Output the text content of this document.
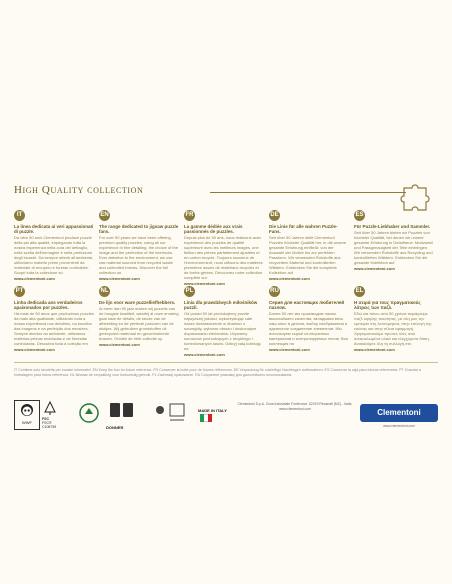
High Quality collection
IT
La linea dedicata ai veri appassionati di puzzle.
Da oltre 50 anni Clementoni produce puzzle della più alta qualità, impiegando tutta la nostra esperienza nella cura del dettaglio, nella scelta dell'immagine e nella perfezione degli incastri. Da sempre attenti all'ambiente, utilizziamo materie prime provenienti da materiale di recupero e foreste controllate. Scopri tutta la collezione su
www.clementoni.com
EN
The range dedicated to jigsaw puzzle fans.
For over 50 years we have been offering premium quality puzzles, using all our experience in fine detailing, the choice of the image and the perfection of the interlocks. Ever attentive to the environment, we use raw material sourced from recycled waste and controlled forests. Discover the full collection on
www.clementoni.com
FR
La gamme dédiée aux vrais passionnés de puzzles.
Depuis plus de 50 ans, nous réalisons avec expérience des puzzles de qualité supérieure avec les meilleurs images, une finition des pièces parfaitement ajustées et en carton recyclé. Toujours soucieux de l'environnement, nous utilisons des matières premières issues de matériaux recyclés et de forêts gérées. Découvrez notre collection complète sur
www.clementoni.com
DE
Die Linie für alle wahren Puzzle-Fans.
Seit über 50 Jahren stellt Clementoni Puzzles höchster Qualität her, in die unsere gesamte Erfahrung einfließt: von der Auswahl der Motive bis zur perfekten Passform. Wir verwenden Rohstoffe aus recyceltem Material und kontrollierten Wäldern. Entdecken Sie die komplette Kollektion auf
www.clementoni.com
ES
Für Puzzle-Liebhaber und Sammler.
Seit über 50 Jahren bieten wir Puzzles von höchster Qualität, bei denen wir unsere gesamte Erfahrung in Detailtreue, Motivwahl und Passgenauigkeit der Teile einbringen. Wir verwenden Rohstoffe aus Recycling und kontrollierten Wäldern. Entdecken Sie die gesamte Kollektion auf
www.clementoni.com
PT
Linha dedicada aos verdadeiros apaixonados por puzzles.
Há mais de 50 anos que produzimos puzzles da mais alta qualidade, utilizando toda a nossa experiência nos detalhes, na escolha das imagens e na perfeição dos encaixes. Sempre atentos ao ambiente, utilizamos matérias-primas recicladas e de florestas controladas. Descubra toda a coleção em
www.clementoni.com
NL
De lijn voor ware puzzelliefhebbers.
Al meer dan 50 jaar maken wij puzzels van de hoogste kwaliteit, waarbij al onze ervaring gaat naar de details, de keuze van de afbeelding en de perfecte pasvorm van de stukjes. Wij gebruiken grondstoffen uit gerecycled materiaal en gecontroleerde bossen. Ontdek de hele collectie op
www.clementoni.com
PL
Linia dla prawdziwych miłośników puzzli.
Od ponad 50 lat produkujemy puzzle najwyższej jakości, wykorzystując całe nasze doświadczenie w dbałości o szczegóły, wyborze obrazu i doskonałym dopasowaniu elementów. Używamy surowców pochodzących z recyklingu i kontrolowanych lasów. Odkryj całą kolekcję na
www.clementoni.com
RU
Серия для настоящих любителей пазлов.
Более 50 лет мы производим пазлы высочайшего качества, вкладывая весь наш опыт в детали, выбор изображения и идеальное соединение элементов. Мы используем сырьё из вторичных материалов и контролируемых лесов. Вся коллекция на
www.clementoni.com
EL
Η σειρά για τους πραγματικούς λάτρεις των παζλ.
Εδώ και πάνω από 50 χρόνια παράγουμε παζλ υψηλής ποιότητας, με όλη μας την εμπειρία στη λεπτομέρεια, στην επιλογή της εικόνας και στην τέλεια εφαρμογή. Χρησιμοποιούμε πρώτες ύλες από ανακυκλωμένα υλικά και ελεγχόμενα δάση. Ανακαλύψτε όλη τη συλλογή στο
www.clementoni.com
IT Contiene solo tavolette per incastri informativi. EN Keep the box for future reference. FR Conserver la boîte pour de futures références. DE Verpackung für zukünftige Nachfragen aufbewahren. ES Conservar la caja para futuras referencias. PT Guardar a embalagem para futura referência. NL Bewaar de verpakking voor toekomstig gebruik. PL Zachowaj opakowanie. RU Сохраните упаковку для дальнейшего использования.
WWF
FSC
FSC® C108759	DONNER
MADE IN ITALY
Clementoni S.p.A. Zona Industriale Fontenoce, 62019 Recanati (MC) - Italia. www.clementoni.com	Clementoni
www.clementoni.com
